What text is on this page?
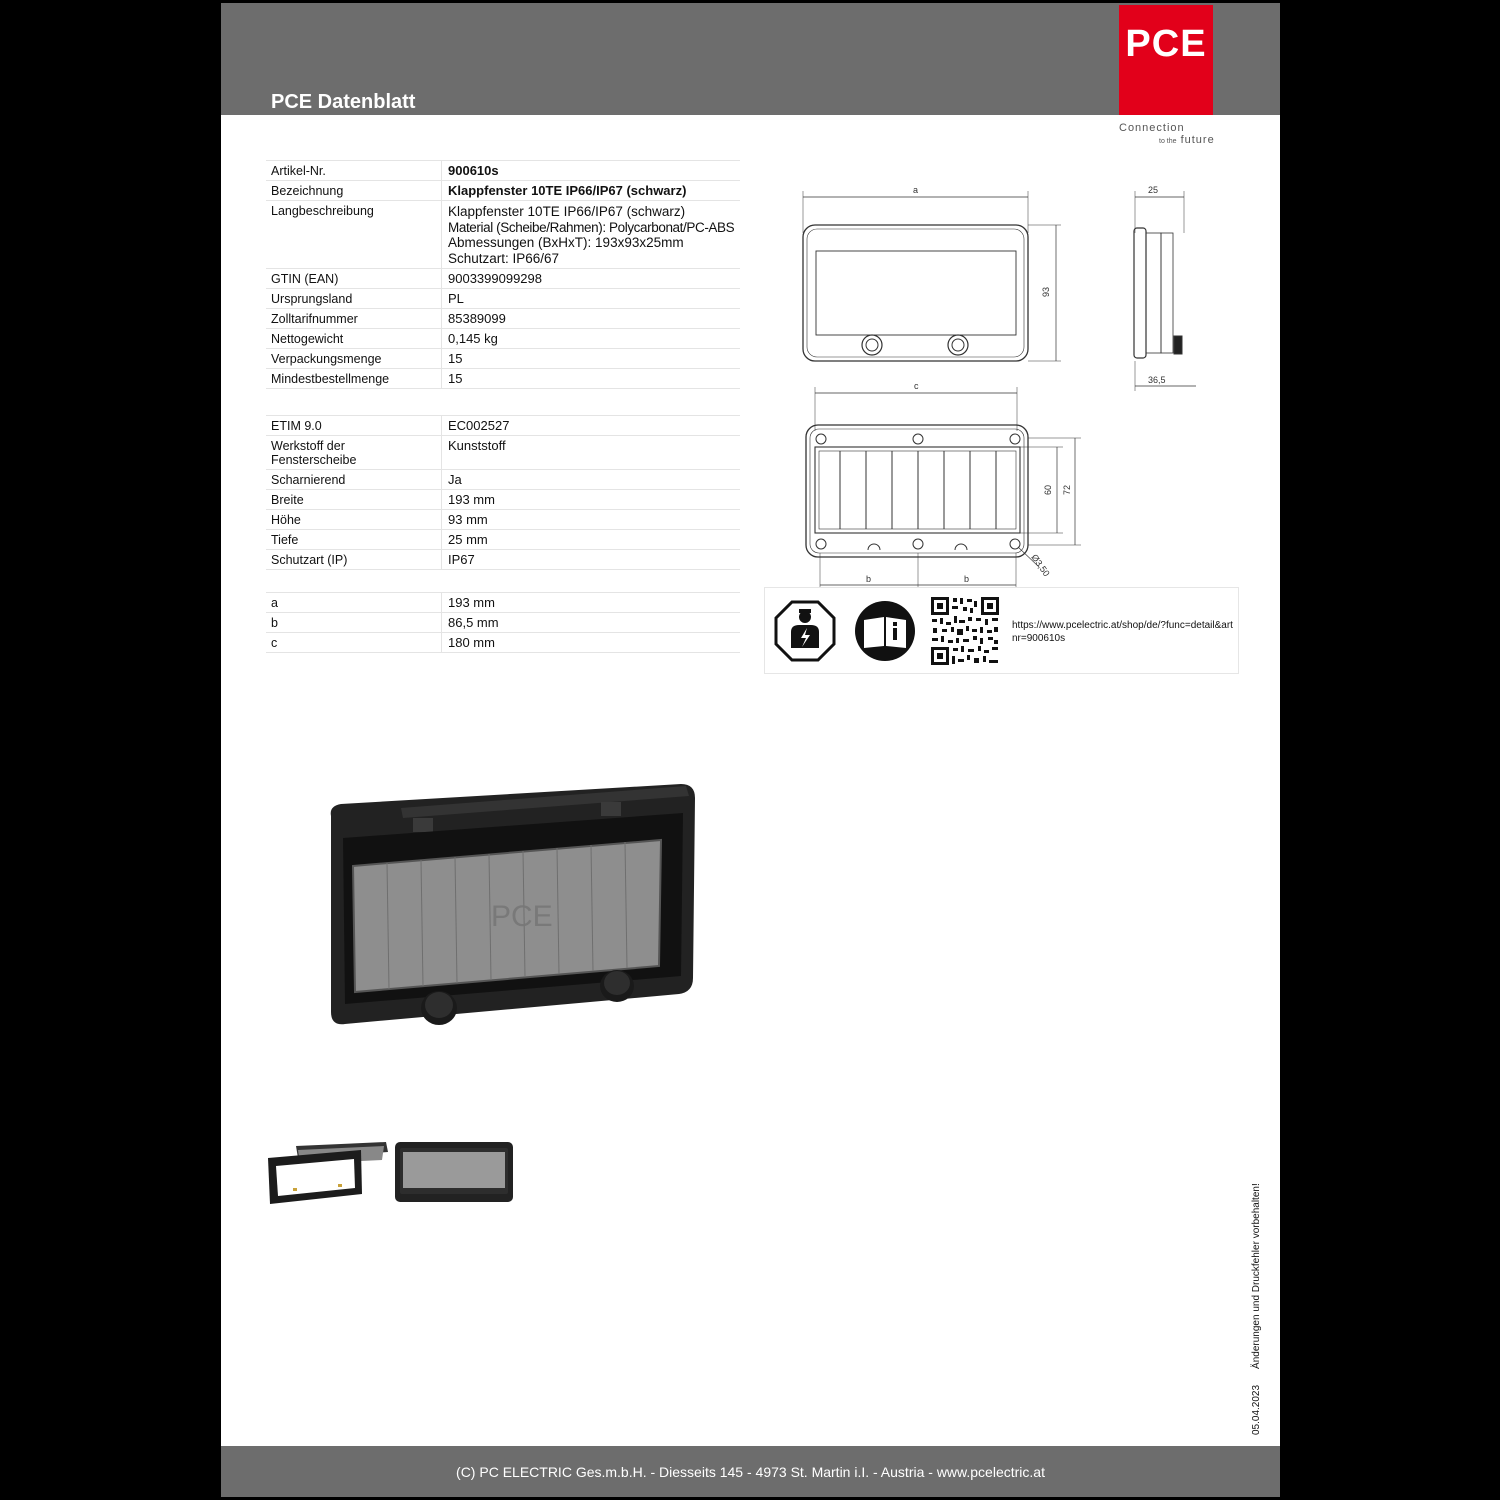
PCE Datenblatt
PCE
Connection
to the future
Artikel-Nr.	900610s
Bezeichnung	Klappfenster 10TE IP66/IP67 (schwarz)
Langbeschreibung	Klappfenster 10TE IP66/IP67 (schwarz)
Material (Scheibe/Rahmen): Polycarbonat/PC-ABS
Abmessungen (BxHxT): 193x93x25mm
Schutzart: IP66/67

GTIN (EAN)	9003399099298
Ursprungsland	PL
Zolltarifnummer	85389099
Nettogewicht	0,145 kg
Verpackungsmenge	15
Mindestbestellmenge	15
ETIM 9.0	EC002527
Werkstoff der Fensterscheibe	Kunststoff
Scharnierend	Ja
Breite	193 mm
Höhe	93 mm
Tiefe	25 mm
Schutzart (IP)	IP67
a	193 mm
b	86,5 mm
c	180 mm
a
93
25
36,5
c
60 72
b	b
Ø3,50
https://www.pcelectric.at/shop/de/?func=detail&artnr=900610s
PCE
05.04.2023Änderungen und Druckfehler vorbehalten!
(C) PC ELECTRIC Ges.m.b.H. - Diesseits 145 - 4973 St. Martin i.I. - Austria - www.pcelectric.at
